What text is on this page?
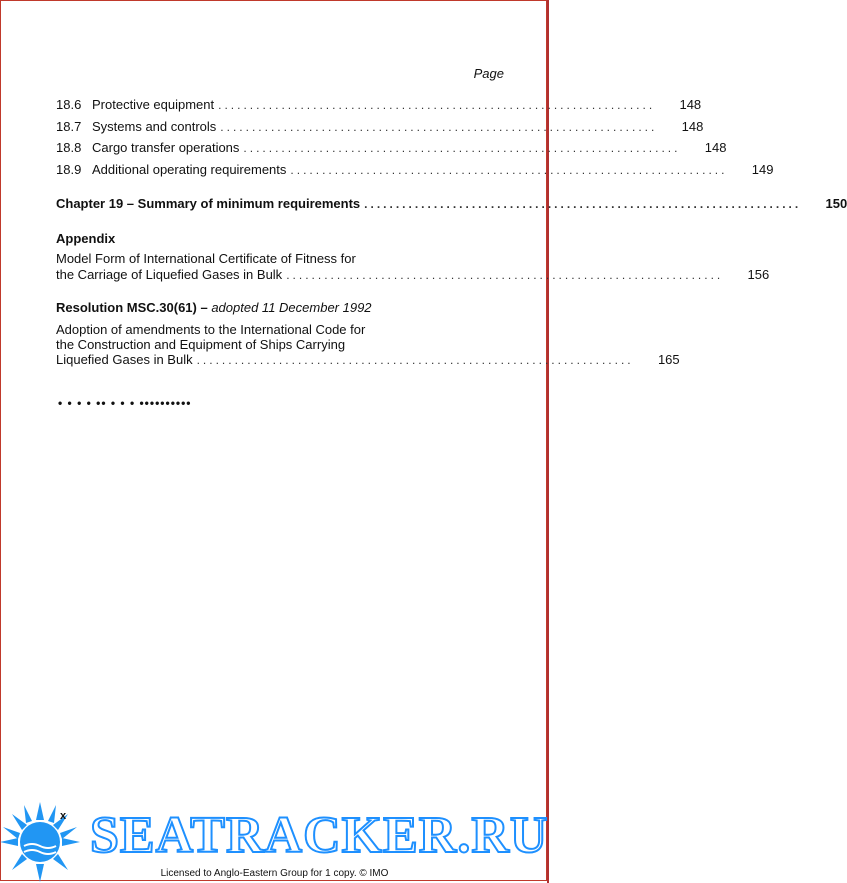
Page
18.6 Protective equipment .....................................................................	148
18.7 Systems and controls .....................................................................	148
18.8 Cargo transfer operations .....................................................................	148
18.9 Additional operating requirements .....................................................................	149
Chapter 19 – Summary of minimum requirements .....................................................................	150
Appendix
Model Form of International Certificate of Fitness for
the Carriage of Liquefied Gases in Bulk .....................................................................	156
Resolution MSC.30(61) – adopted 11 December 1992
Adoption of amendments to the International Code for
the Construction and Equipment of Ships Carrying
Liquefied Gases in Bulk .....................................................................	165
• • • • •• • • • ••••••••••
x SEATRACKER.RU
Licensed to Anglo-Eastern Group for 1 copy. © IMO
